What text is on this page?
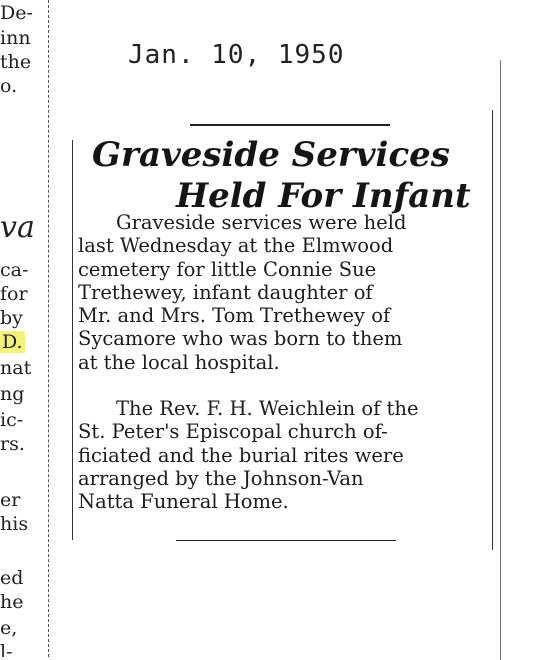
De-
inn
the
o.
va
ca-
for
by
D.
nat
ng
ic-
rs.
er
his
ed
he
e,
l-
Jan. 10, 1950
Graveside Services
Held For Infant
Graveside services were held
last Wednesday at the Elmwood
cemetery for little Connie Sue
Trethewey, infant daughter of
Mr. and Mrs. Tom Trethewey of
Sycamore who was born to them
at the local hospital.
The Rev. F. H. Weichlein of the
St. Peter's Episcopal church of-
ficiated and the burial rites were
arranged by the Johnson-Van
Natta Funeral Home.
